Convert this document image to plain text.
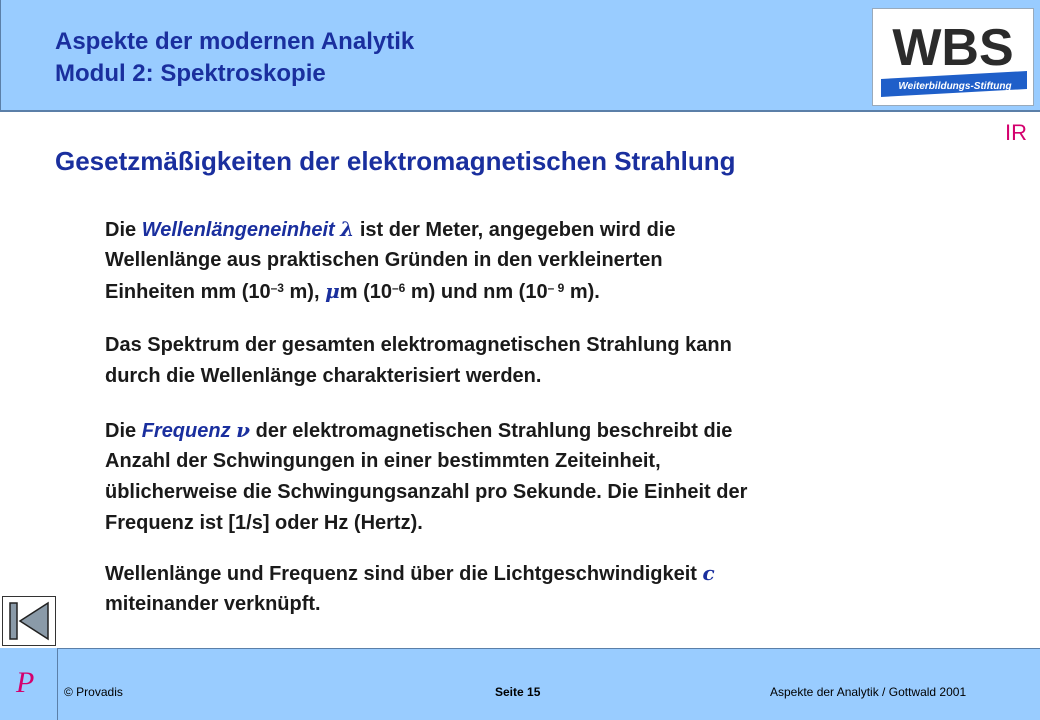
Aspekte der modernen Analytik
Modul 2: Spektroskopie	WBS
Weiterbildungs-Stiftung
IR
Gesetzmäßigkeiten der elektromagnetischen Strahlung
Die Wellenlängeneinheit λ ist der Meter, angegeben wird die
Wellenlänge aus praktischen Gründen in den verkleinerten
Einheiten mm ($10^{-3}$ m), μm ($10^{-6}$ m) und nm ($10^{- 9}$ m).
Das Spektrum der gesamten elektromagnetischen Strahlung kann
durch die Wellenlänge charakterisiert werden.
Die Frequenz ν der elektromagnetischen Strahlung beschreibt die
Anzahl der Schwingungen in einer bestimmten Zeiteinheit,
üblicherweise die Schwingungsanzahl pro Sekunde. Die Einheit der
Frequenz ist [1/s] oder Hz (Hertz).
Wellenlänge und Frequenz sind über die Lichtgeschwindigkeit c
miteinander verknüpft.
P © Provadis	Seite 15	Aspekte der Analytik / Gottwald 2001
